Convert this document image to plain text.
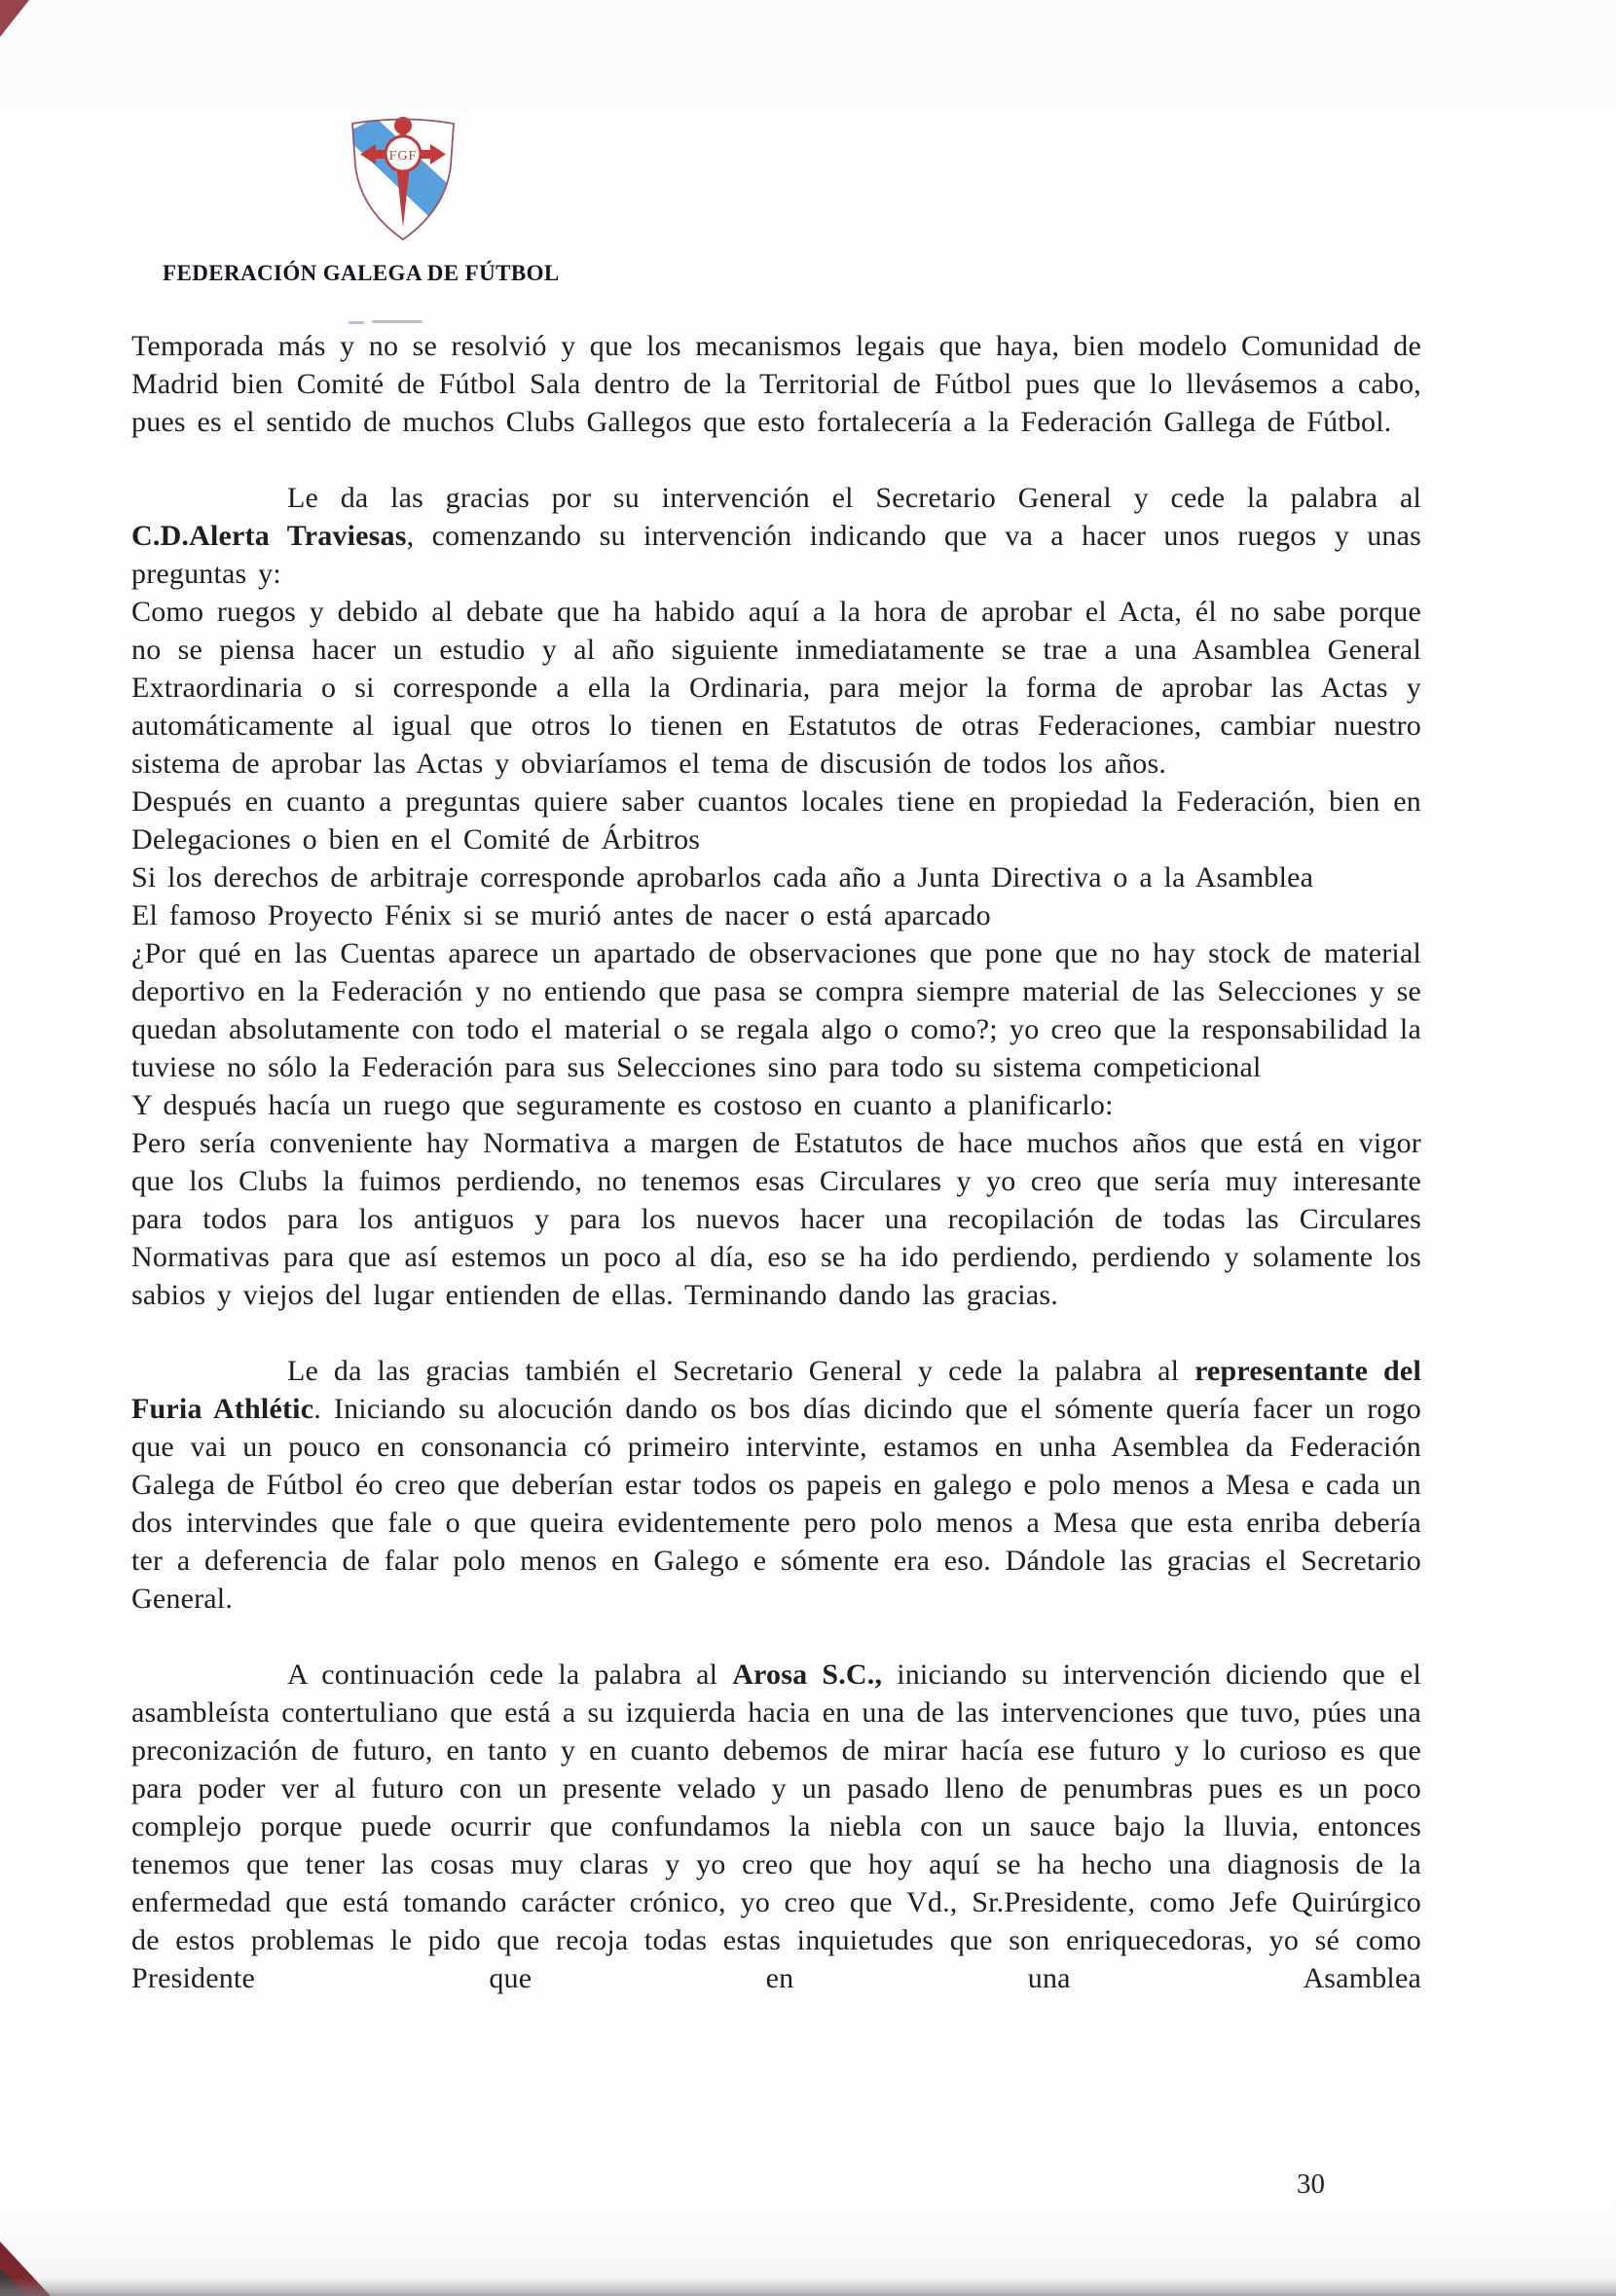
FGF
FEDERACIÓN GALEGA DE FÚTBOL
Temporada más y no se resolvió y que los mecanismos legais que haya, bien modelo Comunidad de Madrid bien Comité de Fútbol Sala dentro de la Territorial de Fútbol pues que lo llevásemos a cabo, pues es el sentido de muchos Clubs Gallegos que esto fortalecería a la Federación Gallega de Fútbol.
Le da las gracias por su intervención el Secretario General y cede la palabra al C.D.Alerta Traviesas, comenzando su intervención indicando que va a hacer unos ruegos y unas preguntas y:
Como ruegos y debido al debate que ha habido aquí a la hora de aprobar el Acta, él no sabe porque no se piensa hacer un estudio y al año siguiente inmediatamente se trae a una Asamblea General Extraordinaria o si corresponde a ella la Ordinaria, para mejor la forma de aprobar las Actas y automáticamente al igual que otros lo tienen en Estatutos de otras Federaciones, cambiar nuestro sistema de aprobar las Actas y obviaríamos el tema de discusión de todos los años.
Después en cuanto a preguntas quiere saber cuantos locales tiene en propiedad la Federación, bien en Delegaciones o bien en el Comité de Árbitros
Si los derechos de arbitraje corresponde aprobarlos cada año a Junta Directiva o a la Asamblea
El famoso Proyecto Fénix si se murió antes de nacer o está aparcado
¿Por qué en las Cuentas aparece un apartado de observaciones que pone que no hay stock de material deportivo en la Federación y no entiendo que pasa se compra siempre material de las Selecciones y se quedan absolutamente con todo el material o se regala algo o como?; yo creo que la responsabilidad la tuviese no sólo la Federación para sus Selecciones sino para todo su sistema competicional
Y después hacía un ruego que seguramente es costoso en cuanto a planificarlo:
Pero sería conveniente hay Normativa a margen de Estatutos de hace muchos años que está en vigor que los Clubs la fuimos perdiendo, no tenemos esas Circulares y yo creo que sería muy interesante para todos para los antiguos y para los nuevos hacer una recopilación de todas las Circulares Normativas para que así estemos un poco al día, eso se ha ido perdiendo, perdiendo y solamente los sabios y viejos del lugar entienden de ellas. Terminando dando las gracias.
Le da las gracias también el Secretario General y cede la palabra al representante del Furia Athlétic. Iniciando su alocución dando os bos días dicindo que el sómente quería facer un rogo que vai un pouco en consonancia có primeiro intervinte, estamos en unha Asemblea da Federación Galega de Fútbol éo creo que deberían estar todos os papeis en galego e polo menos a Mesa e cada un dos intervindes que fale o que queira evidentemente pero polo menos a Mesa que esta enriba debería ter a deferencia de falar polo menos en Galego e sómente era eso. Dándole las gracias el Secretario General.
A continuación cede la palabra al Arosa S.C., iniciando su intervención diciendo que el asambleísta contertuliano que está a su izquierda hacia en una de las intervenciones que tuvo, púes una preconización de futuro, en tanto y en cuanto debemos de mirar hacía ese futuro y lo curioso es que para poder ver al futuro con un presente velado y un pasado lleno de penumbras pues es un poco complejo porque puede ocurrir que confundamos la niebla con un sauce bajo la lluvia, entonces tenemos que tener las cosas muy claras y yo creo que hoy aquí se ha hecho una diagnosis de la enfermedad que está tomando carácter crónico, yo creo que Vd., Sr.Presidente, como Jefe Quirúrgico de estos problemas le pido que recoja todas estas inquietudes que son enriquecedoras, yo sé como Presidente que en una Asamblea
30
